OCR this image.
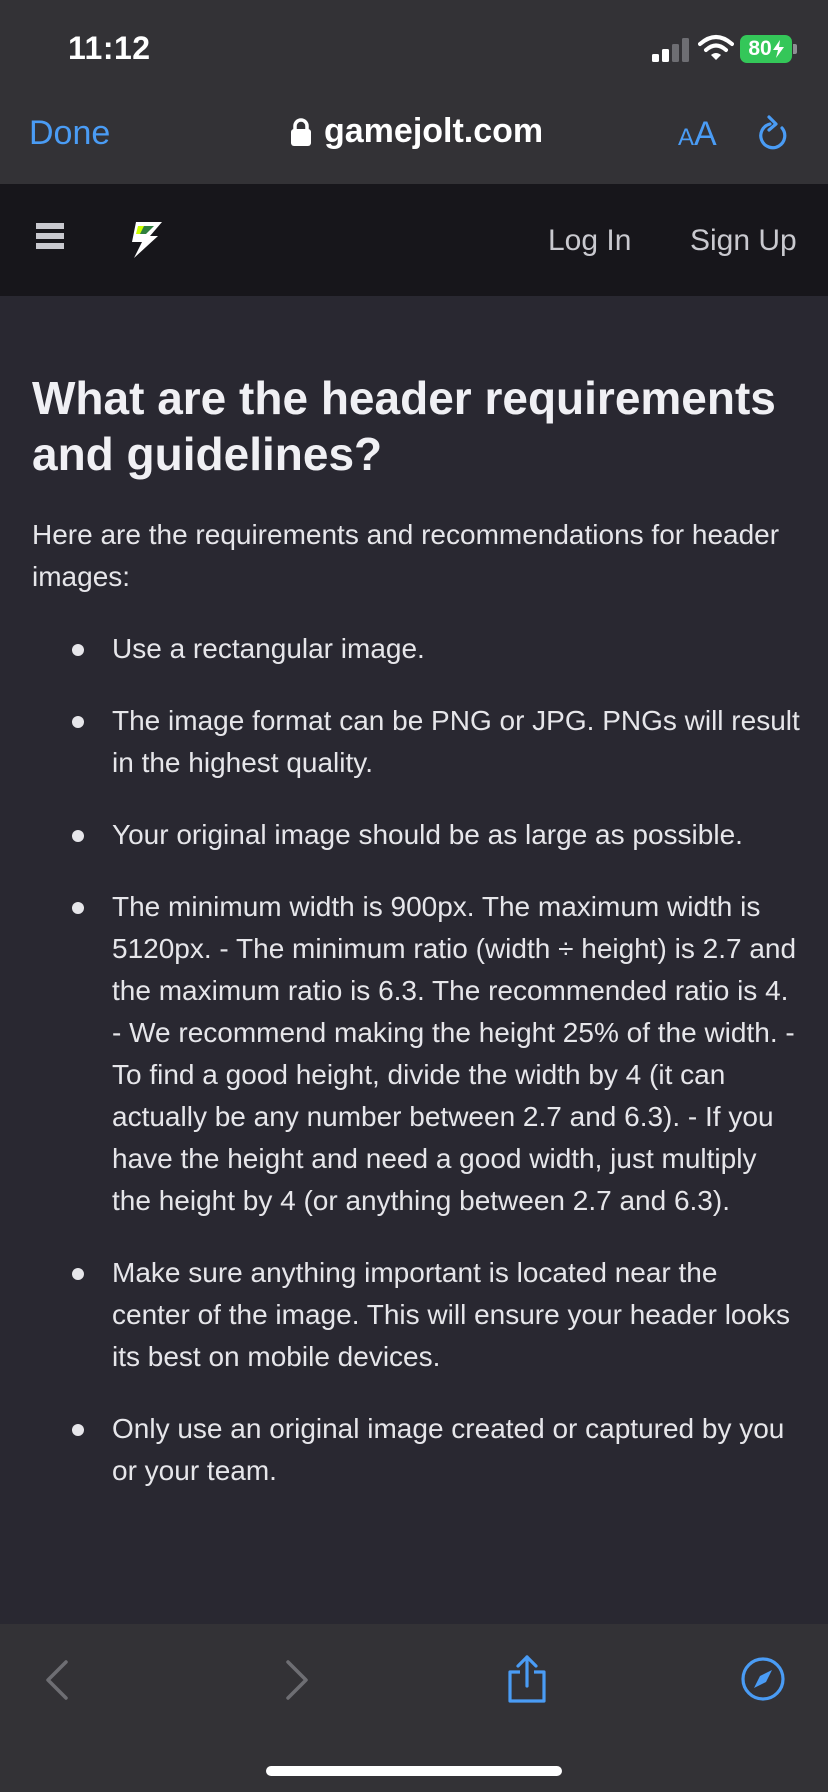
11:12	80
Done	gamejolt.com	AA
Log In Sign Up
What are the header requirements and guidelines?

Here are the requirements and recommendations for header images:

Use a rectangular image.
The image format can be PNG or JPG. PNGs will result in the highest quality.
Your original image should be as large as possible.
The minimum width is 900px. The maximum width is 5120px. - The minimum ratio (width ÷ height) is 2.7 and the maximum ratio is 6.3. The recommended ratio is 4. - We recommend making the height 25% of the width. - To find a good height, divide the width by 4 (it can actually be any number between 2.7 and 6.3). - If you have the height and need a good width, just multiply the height by 4 (or anything between 2.7 and 6.3).
Make sure anything important is located near the center of the image. This will ensure your header looks its best on mobile devices.
Only use an original image created or captured by you or your team.
